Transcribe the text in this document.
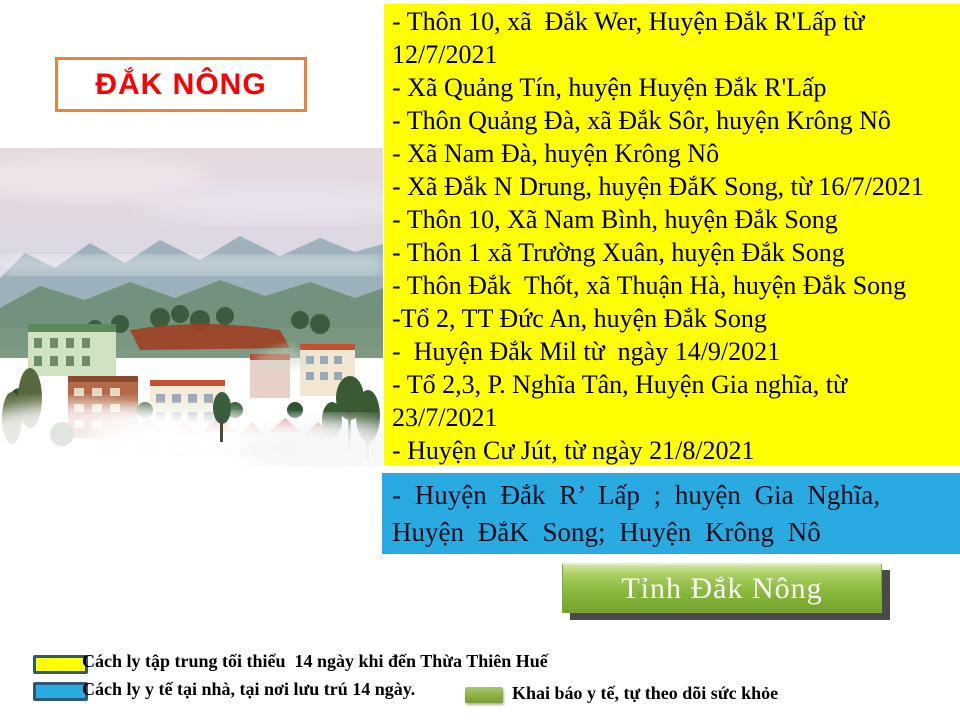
ĐẮK NÔNG
- Thôn 10, xã  Đắk Wer, Huyện Đắk R'Lấp từ 12/7/2021
- Xã Quảng Tín, huyện Huyện Đắk R'Lấp
- Thôn Quảng Đà, xã Đắk Sôr, huyện Krông Nô
- Xã Nam Đà, huyện Krông Nô
- Xã Đắk N Drung, huyện ĐắK Song, từ 16/7/2021
- Thôn 10, Xã Nam Bình, huyện Đắk Song
- Thôn 1 xã Trường Xuân, huyện Đắk Song
- Thôn Đắk  Thốt, xã Thuận Hà, huyện Đắk Song
-Tổ 2, TT Đức An, huyện Đắk Song
-  Huyện Đắk Mil từ  ngày 14/9/2021
- Tổ 2,3, P. Nghĩa Tân, Huyện Gia nghĩa, từ 23/7/2021
- Huyện Cư Jút, từ ngày 21/8/2021
- Huyện Đắk R’ Lấp ; huyện Gia Nghĩa, Huyện ĐắK Song; Huyện Krông Nô
Tỉnh Đắk Nông
Cách ly tập trung tối thiểu  14 ngày khi đến Thừa Thiên Huế
Cách ly y tế tại nhà, tại nơi lưu trú 14 ngày.	Khai báo y tế, tự theo dõi sức khỏe
